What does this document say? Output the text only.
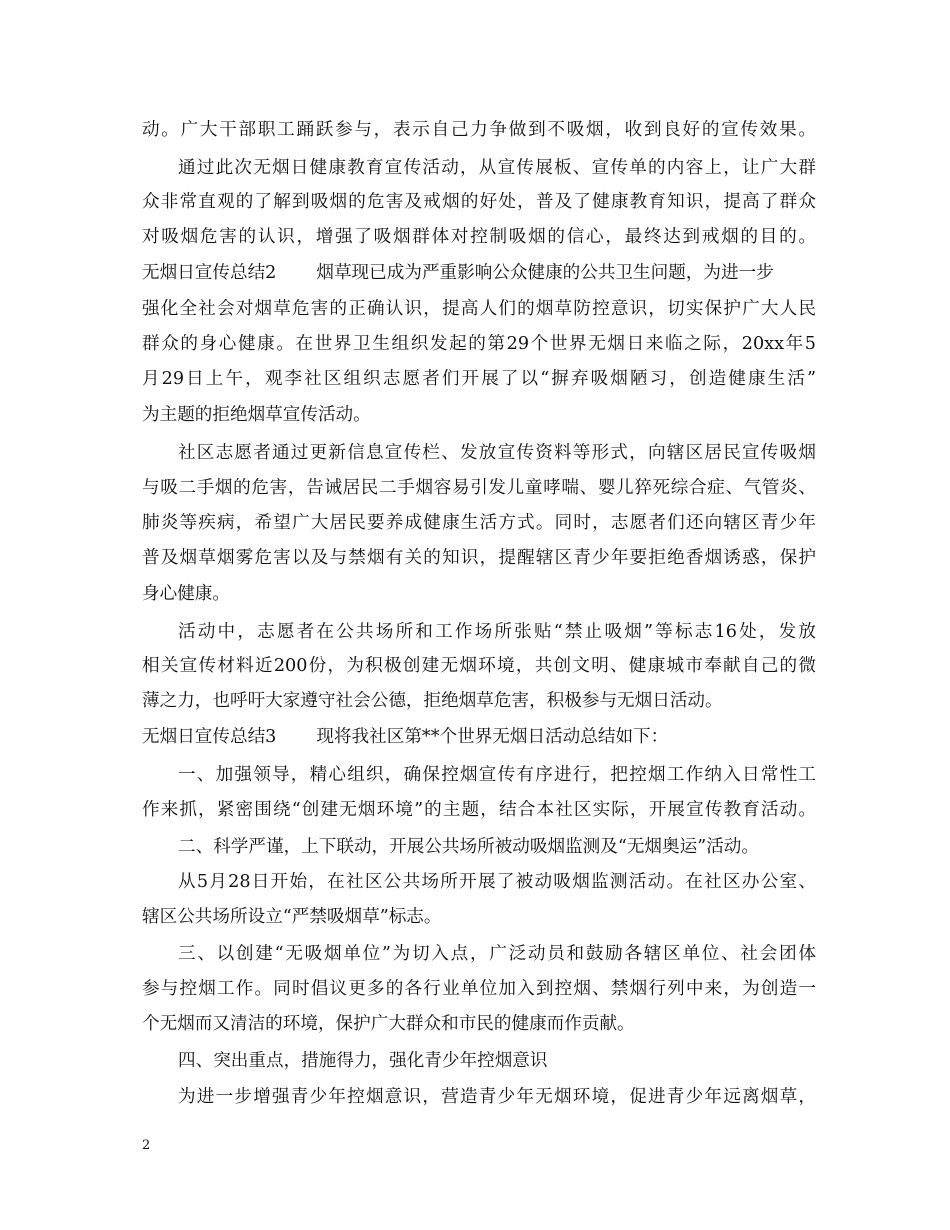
动。广大干部职工踊跃参与，表示自己力争做到不吸烟，收到良好的宣传效果。
通过此次无烟日健康教育宣传活动，从宣传展板、宣传单的内容上，让广大群
众非常直观的了解到吸烟的危害及戒烟的好处，普及了健康教育知识，提高了群众
对吸烟危害的认识，增强了吸烟群体对控制吸烟的信心，最终达到戒烟的目的。
无烟日宣传总结2 烟草现已成为严重影响公众健康的公共卫生问题，为进一步
强化全社会对烟草危害的正确认识，提高人们的烟草防控意识，切实保护广大人民
群众的身心健康。在世界卫生组织发起的第29个世界无烟日来临之际，20xx年5
月29日上午，观李社区组织志愿者们开展了以“摒弃吸烟陋习，创造健康生活”
为主题的拒绝烟草宣传活动。
社区志愿者通过更新信息宣传栏、发放宣传资料等形式，向辖区居民宣传吸烟
与吸二手烟的危害，告诫居民二手烟容易引发儿童哮喘、婴儿猝死综合症、气管炎、
肺炎等疾病，希望广大居民要养成健康生活方式。同时，志愿者们还向辖区青少年
普及烟草烟雾危害以及与禁烟有关的知识，提醒辖区青少年要拒绝香烟诱惑，保护
身心健康。
活动中，志愿者在公共场所和工作场所张贴“禁止吸烟”等标志16处，发放
相关宣传材料近200份，为积极创建无烟环境，共创文明、健康城市奉献自己的微
薄之力，也呼吁大家遵守社会公德，拒绝烟草危害，积极参与无烟日活动。
无烟日宣传总结3 现将我社区第**个世界无烟日活动总结如下：
一、加强领导，精心组织，确保控烟宣传有序进行，把控烟工作纳入日常性工
作来抓，紧密围绕“创建无烟环境”的主题，结合本社区实际，开展宣传教育活动。
二、科学严谨，上下联动，开展公共场所被动吸烟监测及“无烟奥运”活动。
从5月28日开始，在社区公共场所开展了被动吸烟监测活动。在社区办公室、
辖区公共场所设立“严禁吸烟草”标志。
三、以创建“无吸烟单位”为切入点，广泛动员和鼓励各辖区单位、社会团体
参与控烟工作。同时倡议更多的各行业单位加入到控烟、禁烟行列中来，为创造一
个无烟而又清洁的环境，保护广大群众和市民的健康而作贡献。
四、突出重点，措施得力，强化青少年控烟意识
为进一步增强青少年控烟意识，营造青少年无烟环境，促进青少年远离烟草，
2
